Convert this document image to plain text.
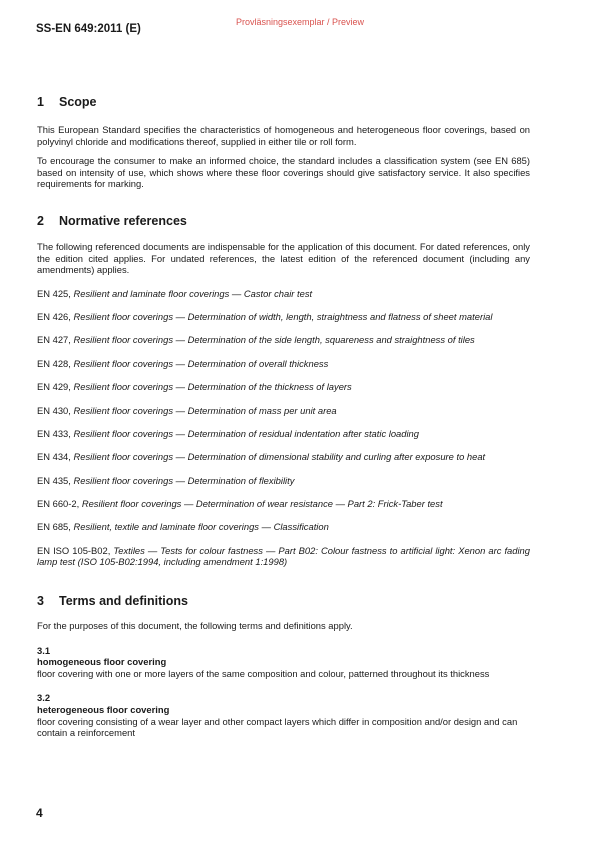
SS-EN 649:2011 (E)
Provläsningsexemplar / Preview
1	Scope

This European Standard specifies the characteristics of homogeneous and heterogeneous floor coverings, based on polyvinyl chloride and modifications thereof, supplied in either tile or roll form.

To encourage the consumer to make an informed choice, the standard includes a classification system (see EN 685) based on intensity of use, which shows where these floor coverings should give satisfactory service. It also specifies requirements for marking.

2	Normative references

The following referenced documents are indispensable for the application of this document. For dated references, only the edition cited applies. For undated references, the latest edition of the referenced document (including any amendments) applies.

EN 425, Resilient and laminate floor coverings — Castor chair test

EN 426, Resilient floor coverings — Determination of width, length, straightness and flatness of sheet material

EN 427, Resilient floor coverings — Determination of the side length, squareness and straightness of tiles

EN 428, Resilient floor coverings — Determination of overall thickness

EN 429, Resilient floor coverings — Determination of the thickness of layers

EN 430, Resilient floor coverings — Determination of mass per unit area

EN 433, Resilient floor coverings — Determination of residual indentation after static loading

EN 434, Resilient floor coverings — Determination of dimensional stability and curling after exposure to heat

EN 435, Resilient floor coverings — Determination of flexibility

EN 660-2, Resilient floor coverings — Determination of wear resistance — Part 2: Frick-Taber test

EN 685, Resilient, textile and laminate floor coverings — Classification

EN ISO 105-B02, Textiles — Tests for colour fastness — Part B02: Colour fastness to artificial light: Xenon arc fading lamp test (ISO 105-B02:1994, including amendment 1:1998)

3	Terms and definitions

For the purposes of this document, the following terms and definitions apply.

3.1
homogeneous floor covering
floor covering with one or more layers of the same composition and colour, patterned throughout its thickness
3.2
heterogeneous floor covering
floor covering consisting of a wear layer and other compact layers which differ in composition and/or design and can contain a reinforcement
4
